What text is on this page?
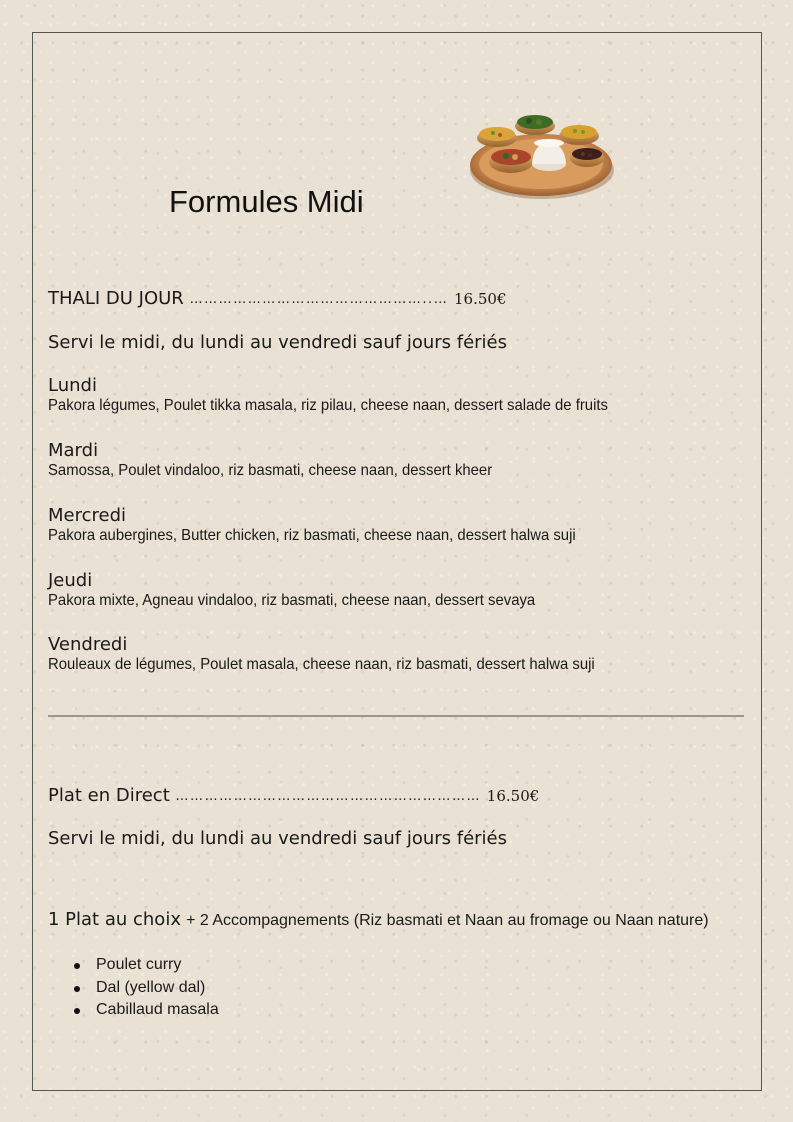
Formules Midi
THALI DU JOUR …………………………………………..… 16.50€
Servi le midi, du lundi au vendredi sauf jours fériés
Lundi
Pakora légumes, Poulet tikka masala, riz pilau, cheese naan, dessert salade de fruits
Mardi
Samossa, Poulet vindaloo, riz basmati, cheese naan, dessert kheer
Mercredi
Pakora aubergines, Butter chicken, riz basmati, cheese naan, dessert halwa suji
Jeudi
Pakora mixte, Agneau vindaloo, riz basmati, cheese naan, dessert sevaya
Vendredi
Rouleaux de légumes, Poulet masala, cheese naan, riz basmati, dessert halwa suji
Plat en Direct ……………………………………………………… 16.50€
Servi le midi, du lundi au vendredi sauf jours fériés
1 Plat au choix + 2 Accompagnements (Riz basmati et Naan au fromage ou Naan nature)
Poulet curry
Dal (yellow dal)
Cabillaud masala
